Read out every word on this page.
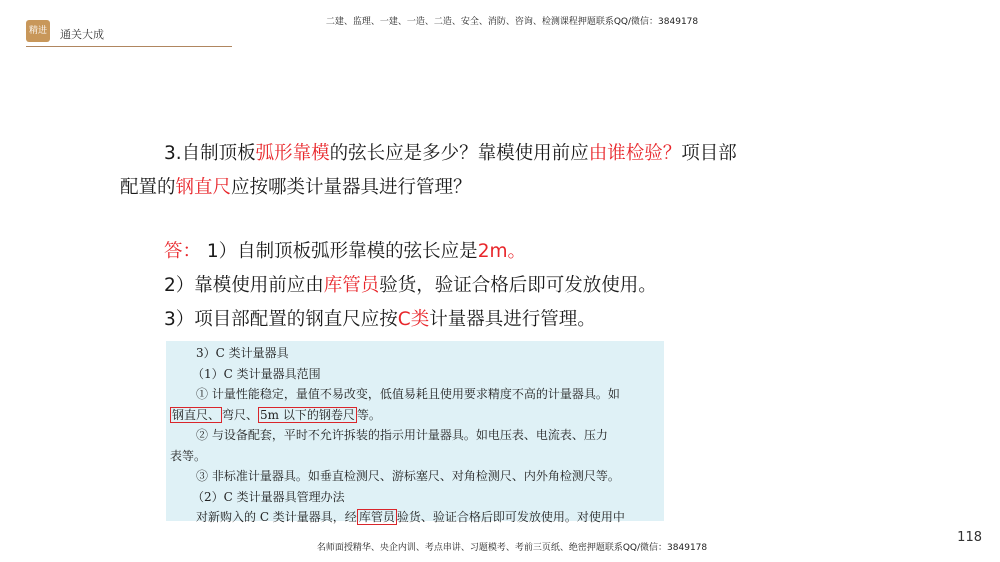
精进 通关大成
二建、监理、一建、一造、二造、安全、消防、咨询、检测课程押题联系QQ/微信：3849178
3.自制顶板弧形靠模的弦长应是多少？靠模使用前应由谁检验？项目部
配置的钢直尺应按哪类计量器具进行管理？
答： 1）自制顶板弧形靠模的弦长应是2m。
2）靠模使用前应由库管员验货，验证合格后即可发放使用。
3）项目部配置的钢直尺应按C类计量器具进行管理。
3）C 类计量器具
（1）C 类计量器具范围
① 计量性能稳定，量值不易改变，低值易耗且使用要求精度不高的计量器具。如
钢直尺、 弯尺、 5m 以下的钢卷尺 等。
② 与设备配套，平时不允许拆装的指示用计量器具。如电压表、电流表、压力
表等。
③ 非标准计量器具。如垂直检测尺、游标塞尺、对角检测尺、内外角检测尺等。
（2）C 类计量器具管理办法
对新购入的 C 类计量器具，经 库管员 验货、验证合格后即可发放使用。对使用中
名师面授精华、央企内训、考点串讲、习题模考、考前三页纸、绝密押题联系QQ/微信：3849178
118
